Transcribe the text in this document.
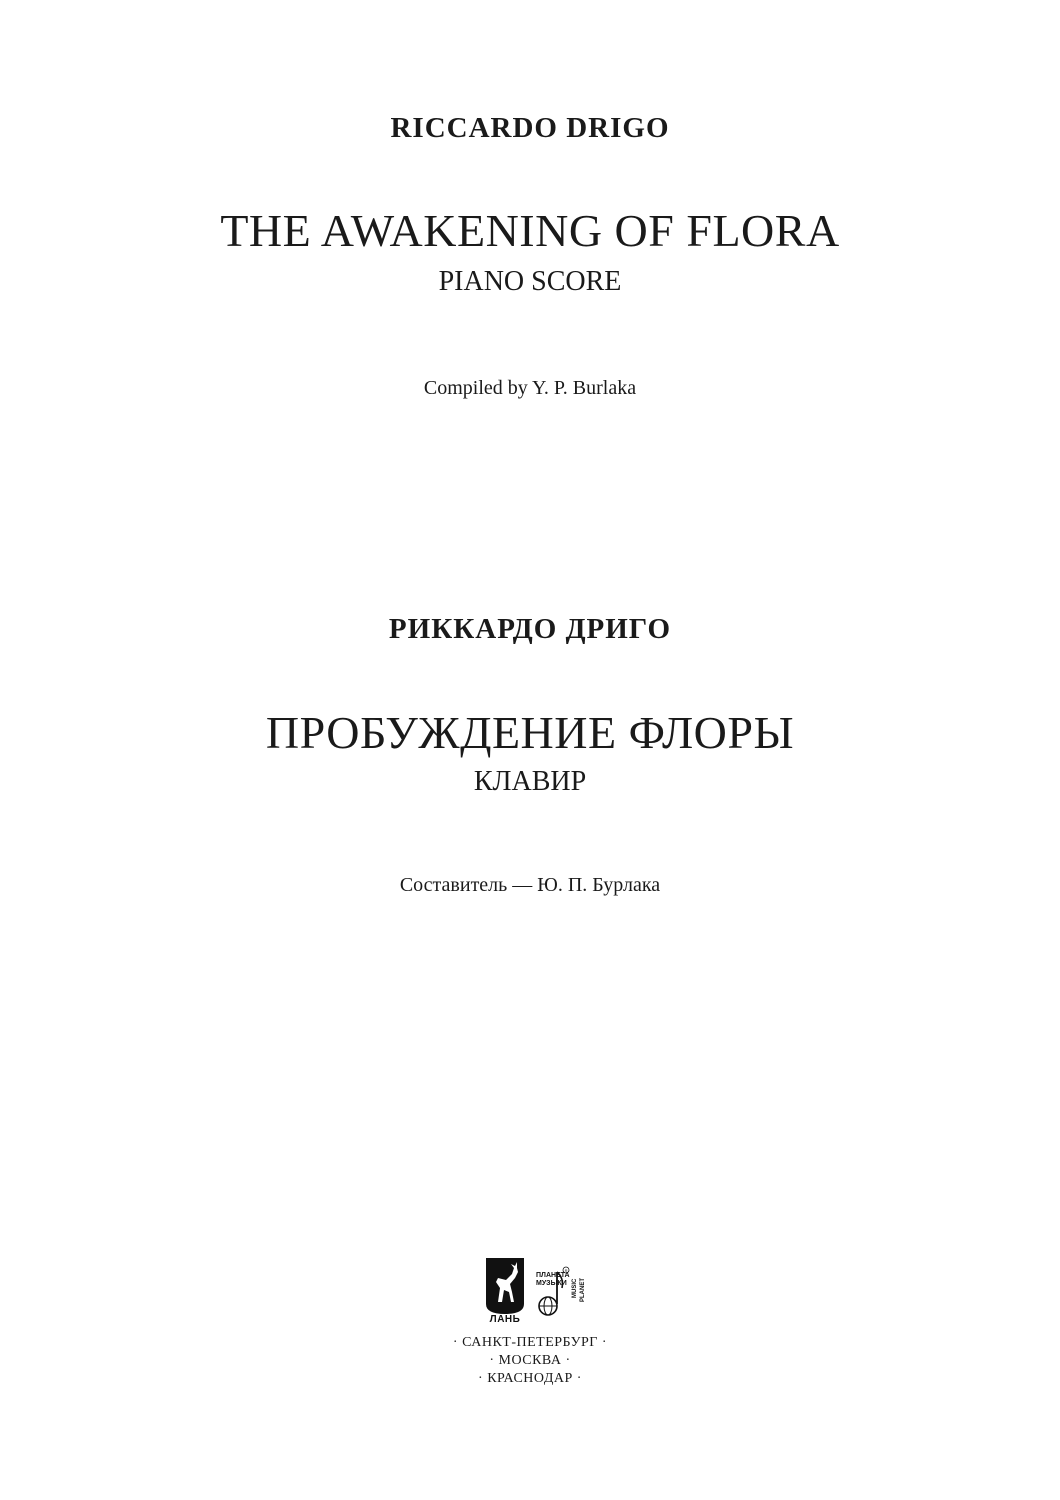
RICCARDO DRIGO
THE AWAKENING OF FLORA
PIANO SCORE
Compiled by Y. P. Burlaka
РИККАРДО ДРИГО
ПРОБУЖДЕНИЕ ФЛОРЫ
КЛАВИР
Составитель — Ю. П. Бурлака
ЛАНЬ
R
ПЛАНЕТА
МУЗЫКИ MUSIC PLANET
· САНКТ-ПЕТЕРБУРГ ·
· МОСКВА ·
· КРАСНОДАР ·
